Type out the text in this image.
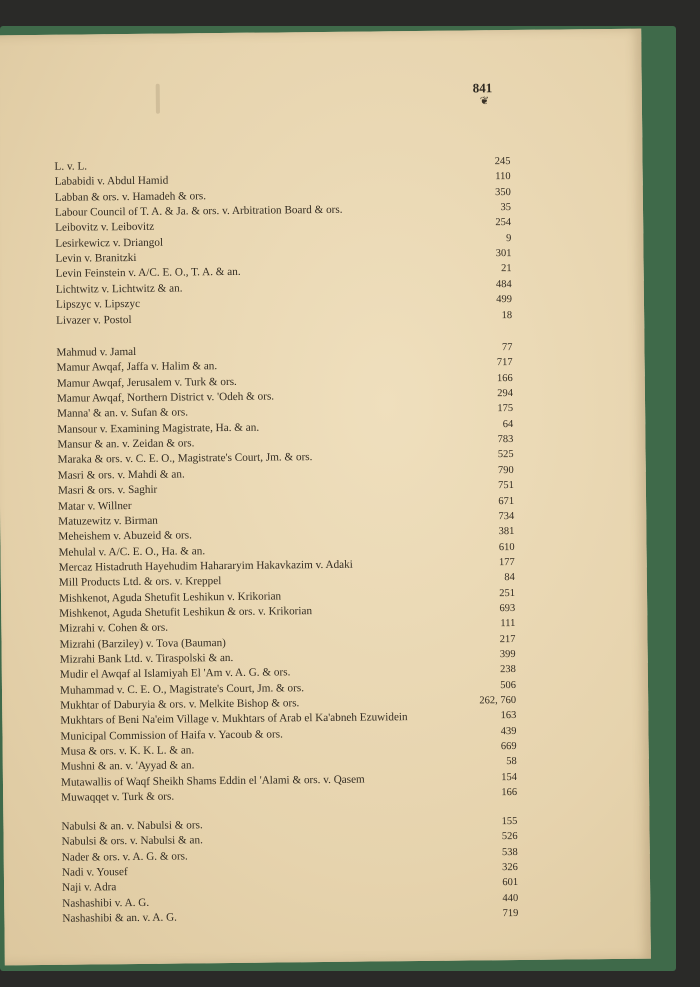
841
❦
L. v. L.	245
Lababidi v. Abdul Hamid	110
Labban & ors. v. Hamadeh & ors.	350
Labour Council of T. A. & Ja. & ors. v. Arbitration Board & ors.	35
Leibovitz v. Leibovitz	254
Lesirkewicz v. Driangol	9
Levin v. Branitzki	301
Levin Feinstein v. A/C. E. O., T. A. & an.	21
Lichtwitz v. Lichtwitz & an.	484
Lipszyc v. Lipszyc	499
Livazer v. Postol	18
Mahmud v. Jamal	77
Mamur Awqaf, Jaffa v. Halim & an.	717
Mamur Awqaf, Jerusalem v. Turk & ors.	166
Mamur Awqaf, Northern District v. 'Odeh & ors.	294
Manna' & an. v. Sufan & ors.	175
Mansour v. Examining Magistrate, Ha. & an.	64
Mansur & an. v. Zeidan & ors.	783
Maraka & ors. v. C. E. O., Magistrate's Court, Jm. & ors.	525
Masri & ors. v. Mahdi & an.	790
Masri & ors. v. Saghir	751
Matar v. Willner	671
Matuzewitz v. Birman	734
Meheishem v. Abuzeid & ors.	381
Mehulal v. A/C. E. O., Ha. & an.	610
Mercaz Histadruth Hayehudim Hahararyim Hakavkazim v. Adaki	177
Mill Products Ltd. & ors. v. Kreppel	84
Mishkenot, Aguda Shetufit Leshikun v. Krikorian	251
Mishkenot, Aguda Shetufit Leshikun & ors. v. Krikorian	693
Mizrahi v. Cohen & ors.	111
Mizrahi (Barziley) v. Tova (Bauman)	217
Mizrahi Bank Ltd. v. Tiraspolski & an.	399
Mudir el Awqaf al Islamiyah El 'Am v. A. G. & ors.	238
Muhammad v. C. E. O., Magistrate's Court, Jm. & ors.	506
Mukhtar of Daburyia & ors. v. Melkite Bishop & ors.	262, 760
Mukhtars of Beni Na'eim Village v. Mukhtars of Arab el Ka'abneh Ezuwidein	163
Municipal Commission of Haifa v. Yacoub & ors.	439
Musa & ors. v. K. K. L. & an.	669
Mushni & an. v. 'Ayyad & an.	58
Mutawallis of Waqf Sheikh Shams Eddin el 'Alami & ors. v. Qasem	154
Muwaqqet v. Turk & ors.	166
Nabulsi & an. v. Nabulsi & ors.	155
Nabulsi & ors. v. Nabulsi & an.	526
Nader & ors. v. A. G. & ors.	538
Nadi v. Yousef	326
Naji v. Adra	601
Nashashibi v. A. G.	440
Nashashibi & an. v. A. G.	719
